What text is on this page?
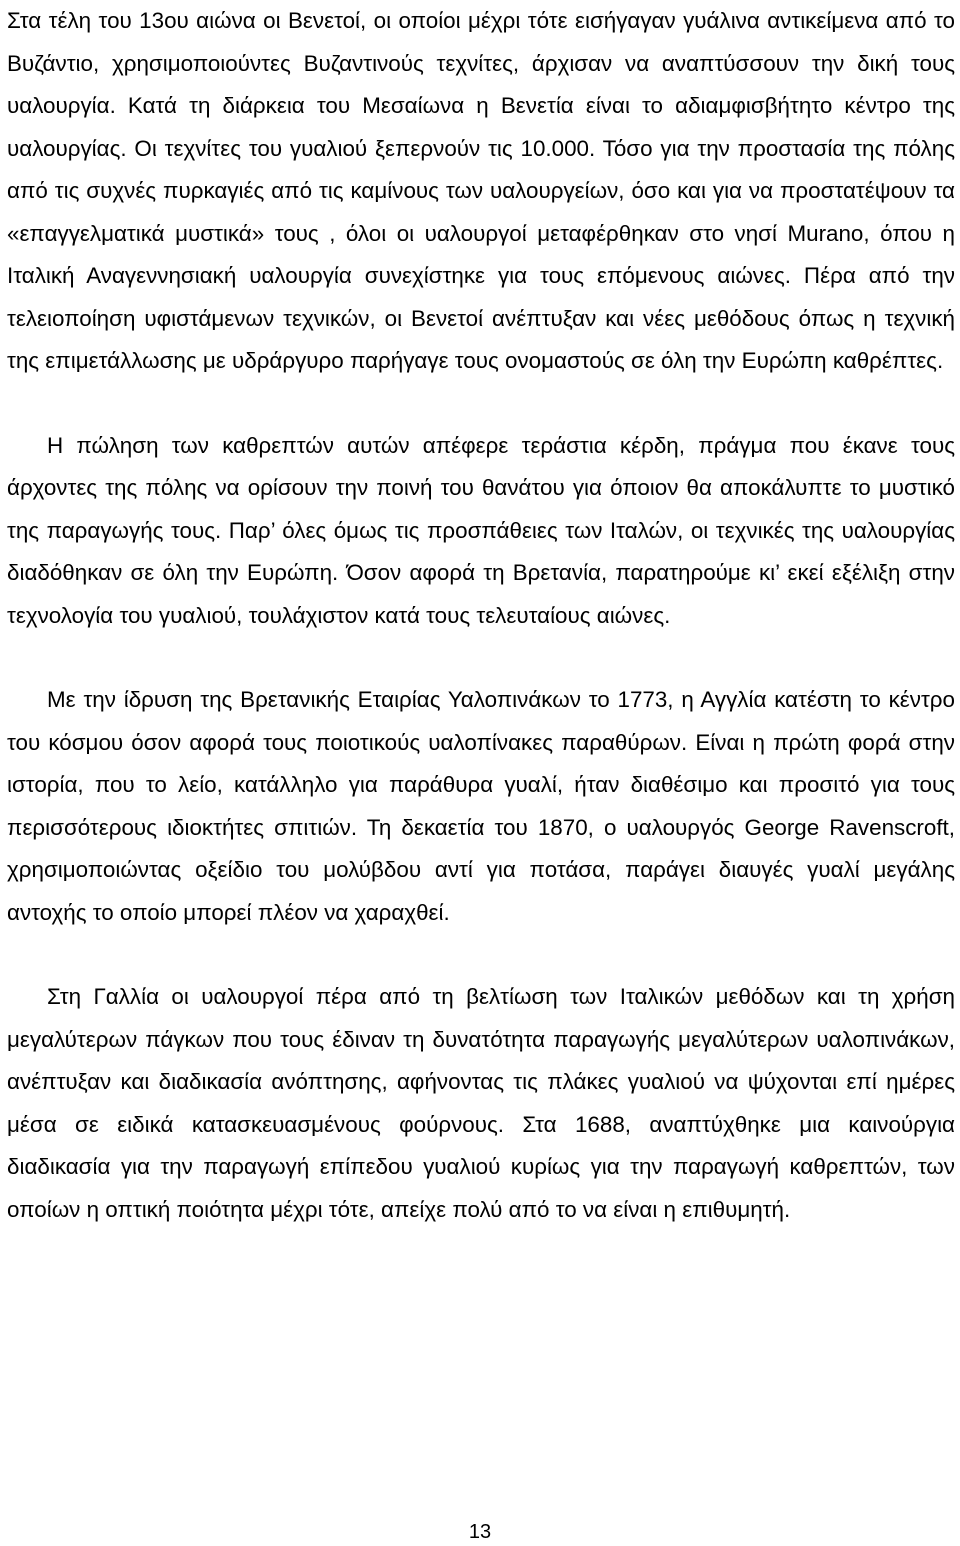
Στα τέλη του 13ου αιώνα οι Βενετοί, οι οποίοι μέχρι τότε εισήγαγαν γυάλινα αντικείμενα από το Βυζάντιο, χρησιμοποιούντες Βυζαντινούς τεχνίτες, άρχισαν να αναπτύσσουν την δική τους υαλουργία. Κατά τη διάρκεια του Μεσαίωνα η Βενετία είναι το αδιαμφισβήτητο κέντρο της υαλουργίας. Οι τεχνίτες του γυαλιού ξεπερνούν τις 10.000. Τόσο για την προστασία της πόλης από τις συχνές πυρκαγιές από τις καμίνους των υαλουργείων, όσο και για να προστατέψουν τα «επαγγελματικά μυστικά» τους , όλοι οι υαλουργοί μεταφέρθηκαν στο νησί Murano, όπου η Ιταλική Αναγεννησιακή υαλουργία συνεχίστηκε για τους επόμενους αιώνες. Πέρα από την τελειοποίηση υφιστάμενων τεχνικών, οι Βενετοί ανέπτυξαν και νέες μεθόδους όπως η τεχνική της επιμετάλλωσης με υδράργυρο παρήγαγε τους ονομαστούς σε όλη την Ευρώπη καθρέπτες.

Η πώληση των καθρεπτών αυτών απέφερε τεράστια κέρδη, πράγμα που έκανε τους άρχοντες της πόλης να ορίσουν την ποινή του θανάτου για όποιον θα αποκάλυπτε το μυστικό της παραγωγής τους. Παρ’ όλες όμως τις προσπάθειες των Ιταλών, οι τεχνικές της υαλουργίας διαδόθηκαν σε όλη την Ευρώπη. Όσον αφορά τη Βρετανία, παρατηρούμε κι’ εκεί εξέλιξη στην τεχνολογία του γυαλιού, τουλάχιστον κατά τους τελευταίους αιώνες.

Με την ίδρυση της Βρετανικής Εταιρίας Υαλοπινάκων το 1773, η Αγγλία κατέστη το κέντρο του κόσμου όσον αφορά τους ποιοτικούς υαλοπίνακες παραθύρων. Είναι η πρώτη φορά στην ιστορία, που το λείο, κατάλληλο για παράθυρα γυαλί, ήταν διαθέσιμο και προσιτό για τους περισσότερους ιδιοκτήτες σπιτιών. Τη δεκαετία του 1870, ο υαλουργός George Ravenscroft, χρησιμοποιώντας οξείδιο του μολύβδου αντί για ποτάσα, παράγει διαυγές γυαλί μεγάλης αντοχής το οποίο μπορεί πλέον να χαραχθεί.

Στη Γαλλία οι υαλουργοί πέρα από τη βελτίωση των Ιταλικών μεθόδων και τη χρήση μεγαλύτερων πάγκων που τους έδιναν τη δυνατότητα παραγωγής μεγαλύτερων υαλοπινάκων, ανέπτυξαν και διαδικασία ανόπτησης, αφήνοντας τις πλάκες γυαλιού να ψύχονται επί ημέρες μέσα σε ειδικά κατασκευασμένους φούρνους. Στα 1688, αναπτύχθηκε μια καινούργια διαδικασία για την παραγωγή επίπεδου γυαλιού κυρίως για την παραγωγή καθρεπτών, των οποίων η οπτική ποιότητα μέχρι τότε, απείχε πολύ από το να είναι η επιθυμητή.

13
